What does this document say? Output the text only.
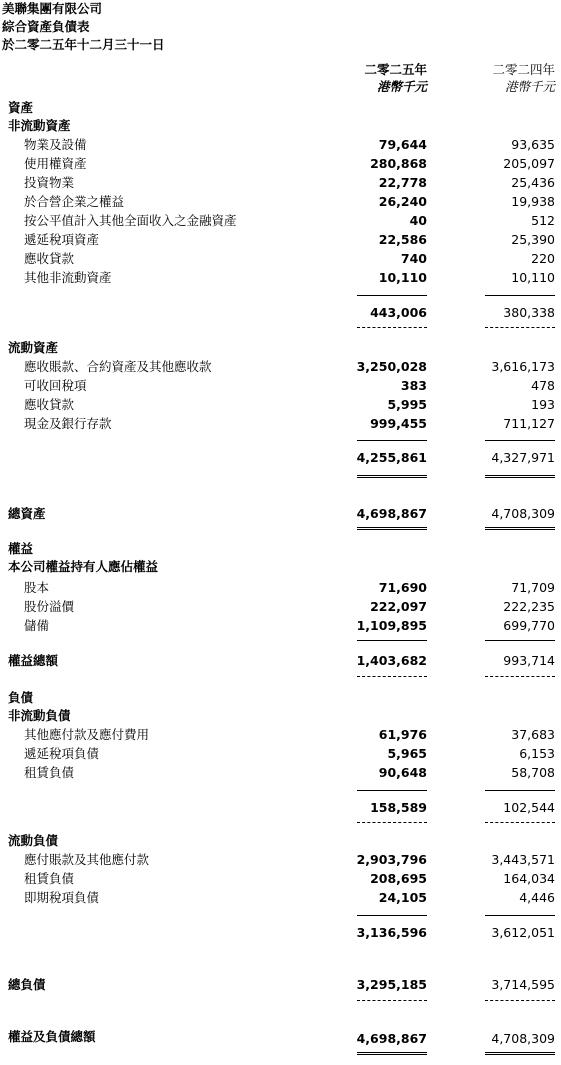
美聯集團有限公司
綜合資產負債表
於二零二五年十二月三十一日
二零二五年	二零二四年
港幣千元	港幣千元
資產
非流動資產
物業及設備	79,644	93,635
使用權資產	280,868	205,097
投資物業	22,778	25,436
於合營企業之權益	26,240	19,938
按公平值計入其他全面收入之金融資產	40	512
遞延稅項資產	22,586	25,390
應收貸款	740	220
其他非流動資產	10,110	10,110
443,006	380,338
流動資產
應收賬款、合約資產及其他應收款	3,250,028	3,616,173
可收回稅項	383	478
應收貸款	5,995	193
現金及銀行存款	999,455	711,127
4,255,861	4,327,971
總資產	4,698,867	4,708,309
權益
本公司權益持有人應佔權益
股本	71,690	71,709
股份溢價	222,097	222,235
儲備	1,109,895	699,770
權益總額	1,403,682	993,714
負債
非流動負債
其他應付款及應付費用	61,976	37,683
遞延稅項負債	5,965	6,153
租賃負債	90,648	58,708
158,589	102,544
流動負債
應付賬款及其他應付款	2,903,796	3,443,571
租賃負債	208,695	164,034
即期稅項負債	24,105	4,446
3,136,596	3,612,051
總負債	3,295,185	3,714,595
權益及負債總額	4,698,867	4,708,309
